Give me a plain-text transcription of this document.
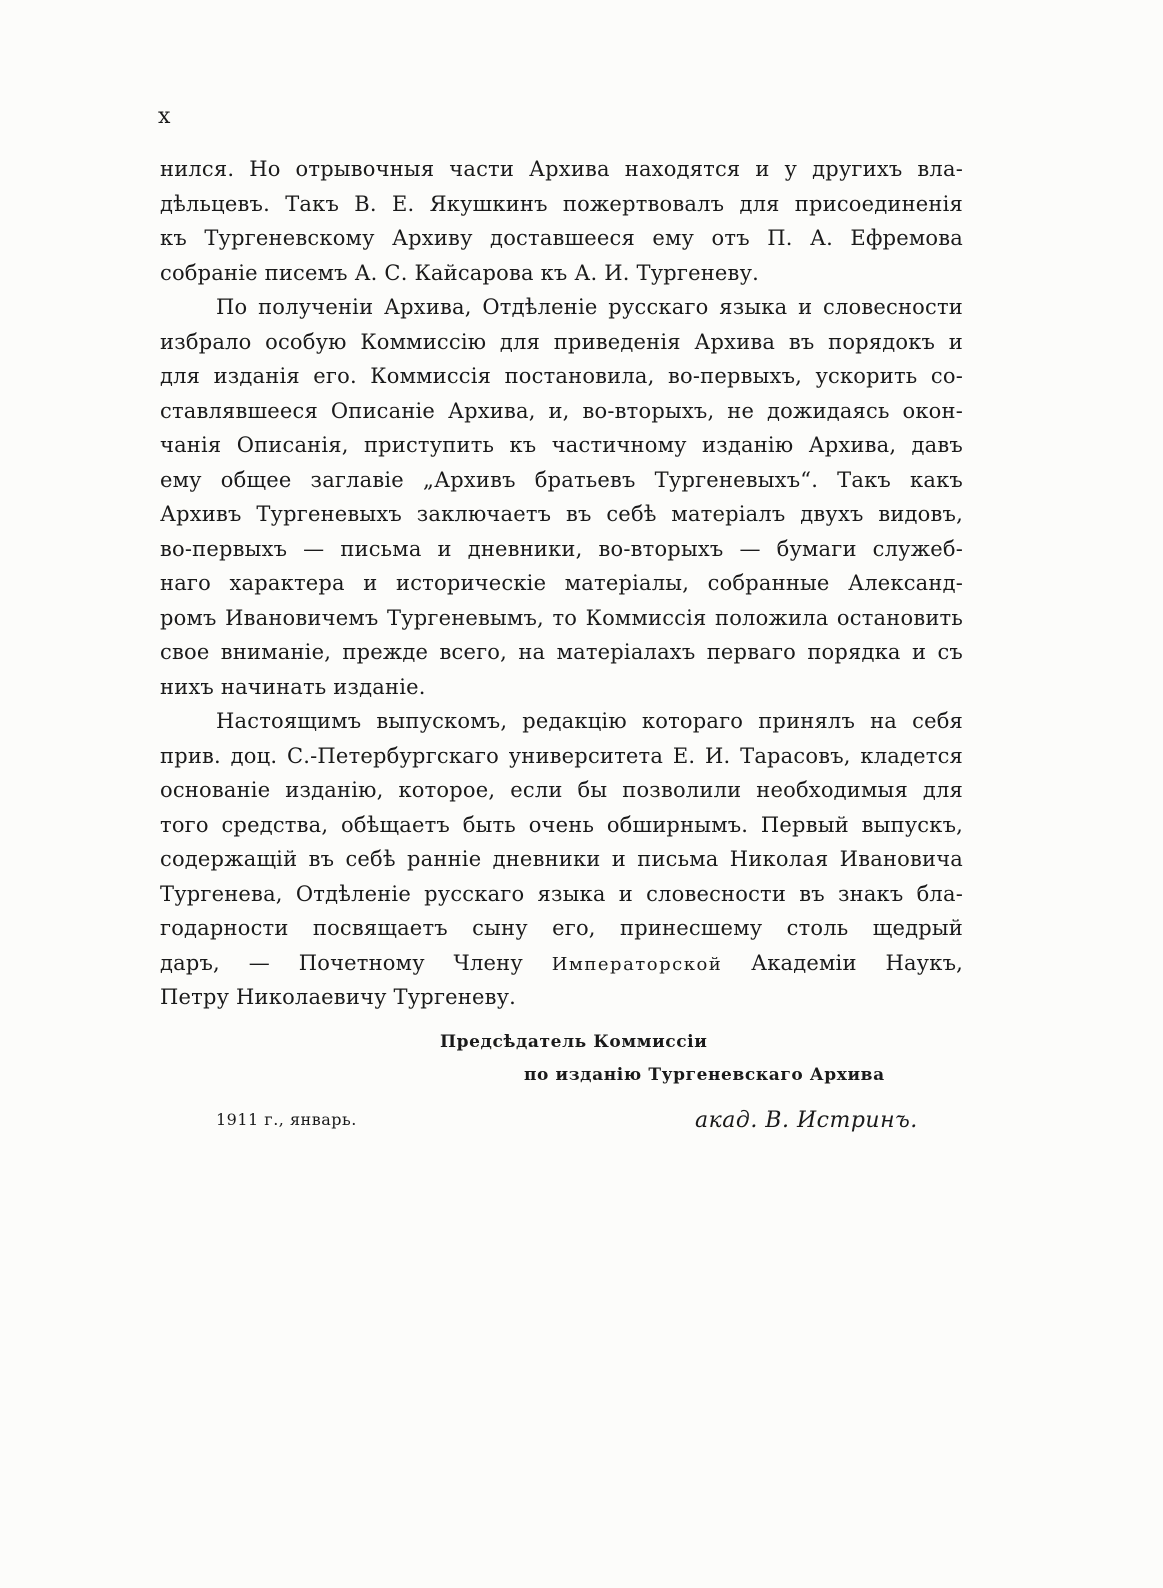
x
нился. Но отрывочныя части Архива находятся и у другихъ вла-
дѣльцевъ. Такъ В. Е. Якушкинъ пожертвовалъ для присоединенія
къ Тургеневскому Архиву доставшееся ему отъ П. А. Ефремова
собраніе писемъ А. С. Кайсарова къ А. И. Тургеневу.
По полученіи Архива, Отдѣленіе русскаго языка и словесности
избрало особую Коммиссію для приведенія Архива въ порядокъ и
для изданія его. Коммиссія постановила, во-первыхъ, ускорить со-
ставлявшееся Описаніе Архива, и, во-вторыхъ, не дожидаясь окон-
чанія Описанія, приступить къ частичному изданію Архива, давъ
ему общее заглавіе „Архивъ братьевъ Тургеневыхъ“. Такъ какъ
Архивъ Тургеневыхъ заключаетъ въ себѣ матеріалъ двухъ видовъ,
во-первыхъ — письма и дневники, во-вторыхъ — бумаги служеб-
наго характера и историческіе матеріалы, собранные Александ-
ромъ Ивановичемъ Тургеневымъ, то Коммиссія положила остановить
свое вниманіе, прежде всего, на матеріалахъ перваго порядка и съ
нихъ начинать изданіе.
Настоящимъ выпускомъ, редакцію котораго принялъ на себя
прив. доц. С.-Петербургскаго университета Е. И. Тарасовъ, кладется
основаніе изданію, которое, если бы позволили необходимыя для
того средства, обѣщаетъ быть очень обширнымъ. Первый выпускъ,
содержащій въ себѣ ранніе дневники и письма Николая Ивановича
Тургенева, Отдѣленіе русскаго языка и словесности въ знакъ бла-
годарности посвящаетъ сыну его, принесшему столь щедрый
даръ, — Почетному Члену Императорской Академіи Наукъ,
Петру Николаевичу Тургеневу.
Предсѣдатель Коммиссіи
по изданію Тургеневскаго Архива
1911 г., январь.	акад. В. Истринъ.
